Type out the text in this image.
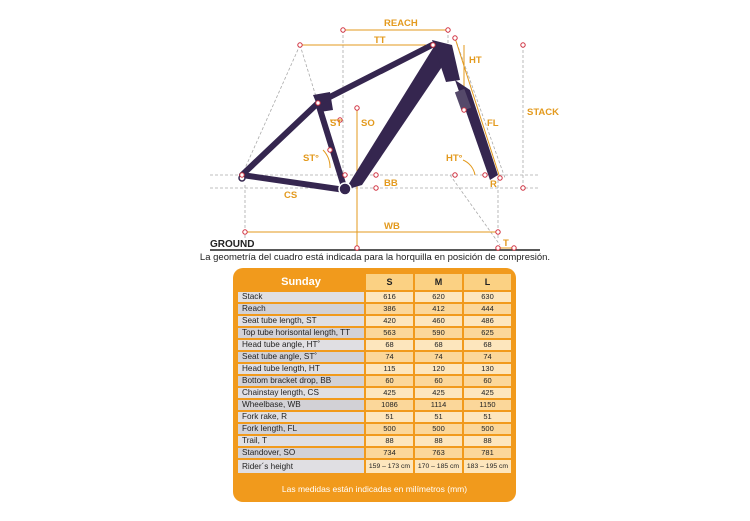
REACH
TT
HT
STACK
ST SO	FL
ST°	HT°
BB
CS
R
WB
T
GROUND
La geometría del cuadro está indicada para la horquilla en posición de compresión.
Sunday	S	M	L
Stack	616	620	630
Reach	386	412	444
Seat tube length, ST	420	460	486
Top tube horisontal length, TT	563	590	625
Head tube angle, HT˚	68	68	68
Seat tube angle, ST˚	74	74	74
Head tube length, HT	115	120	130
Bottom bracket drop, BB	60	60	60
Chainstay length, CS	425	425	425
Wheelbase, WB	1086	1114	1150
Fork rake, R	51	51	51
Fork length, FL	500	500	500
Trail, T	88	88	88
Standover, SO	734	763	781
Rider´s height	159 – 173 cm	170 – 185 cm	183 – 195 cm
Las medidas están indicadas en milímetros (mm)
